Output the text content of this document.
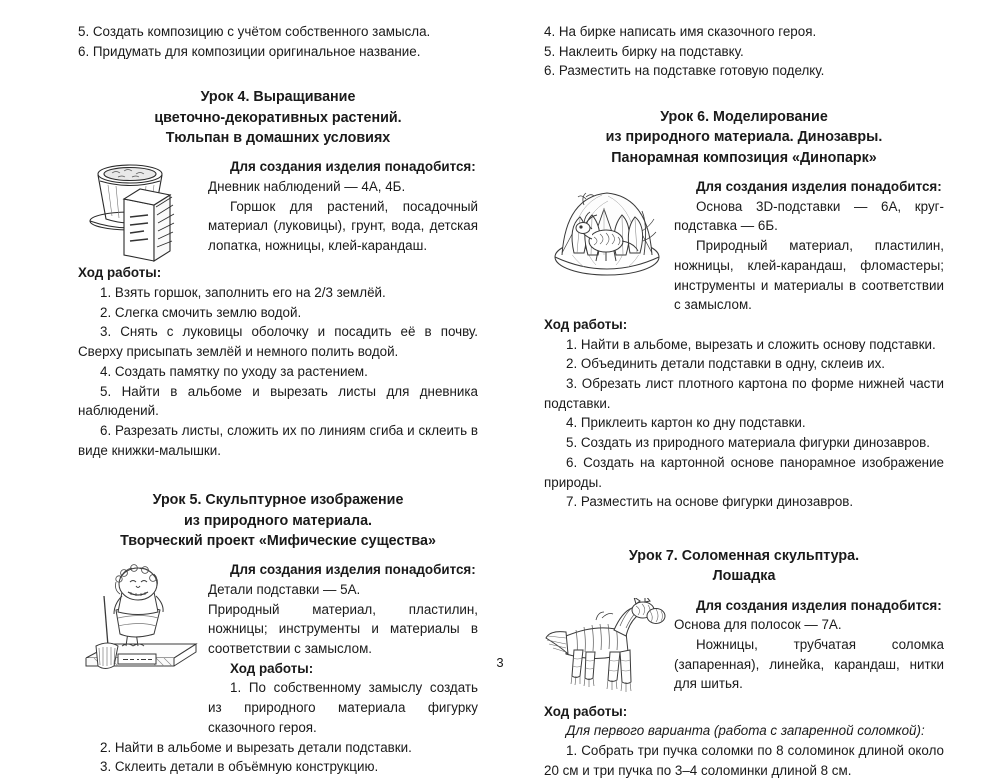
5. Создать композицию с учётом собственного замысла.

6. Придумать для композиции оригинальное название.

Урок 4. Выращивание

цветочно-декоративных растений.

Тюльпан в домашних условиях

Для создания изделия понадобится:

Дневник наблюдений — 4А, 4Б.

Горшок для растений, посадочный материал (луковицы), грунт, вода, детская лопатка, ножницы, клей-карандаш.

Ход работы:

1. Взять горшок, заполнить его на 2/3 землёй.

2. Слегка смочить землю водой.

3. Снять с луковицы оболочку и посадить её в почву. Сверху присыпать землёй и немного полить водой.

4. Создать памятку по уходу за растением.

5. Найти в альбоме и вырезать листы для дневника наблюдений.

6. Разрезать листы, сложить их по линиям сгиба и склеить в виде книжки-малышки.

Урок 5. Скульптурное изображение

из природного материала.

Творческий проект «Мифические существа»

Для создания изделия понадобится:

Детали подставки — 5А.

Природный материал, пластилин, ножницы; инструменты и материалы в соответствии с замыслом.

Ход работы:

1. По собственному замыслу создать из природного материала фигурку сказочного героя.

2. Найти в альбоме и вырезать детали подставки.

3. Склеить детали в объёмную конструкцию.

4. На бирке написать имя сказочного героя.

5. Наклеить бирку на подставку.

6. Разместить на подставке готовую поделку.

Урок 6. Моделирование

из природного материала. Динозавры.

Панорамная композиция «Динопарк»

Для создания изделия понадобится:

Основа 3D-подставки — 6А, круг-подставка — 6Б.

Природный материал, пластилин, ножницы, клей-карандаш, фломастеры; инструменты и материалы в соответствии с замыслом.

Ход работы:

1. Найти в альбоме, вырезать и сложить основу подставки.

2. Объединить детали подставки в одну, склеив их.

3. Обрезать лист плотного картона по форме нижней части подставки.

4. Приклеить картон ко дну подставки.

5. Создать из природного материала фигурки динозавров.

6. Создать на картонной основе панорамное изображение природы.

7. Разместить на основе фигурки динозавров.

Урок 7. Соломенная скульптура.

Лошадка

Для создания изделия понадобится:

Основа для полосок — 7А.

Ножницы, трубчатая соломка (запаренная), линейка, карандаш, нитки для шитья.

Ход работы:

Для первого варианта (работа с запаренной соломкой):

1. Собрать три пучка соломки по 8 соломинок длиной около 20 см и три пучка по 3–4 соломинки длиной 8 см.

3
